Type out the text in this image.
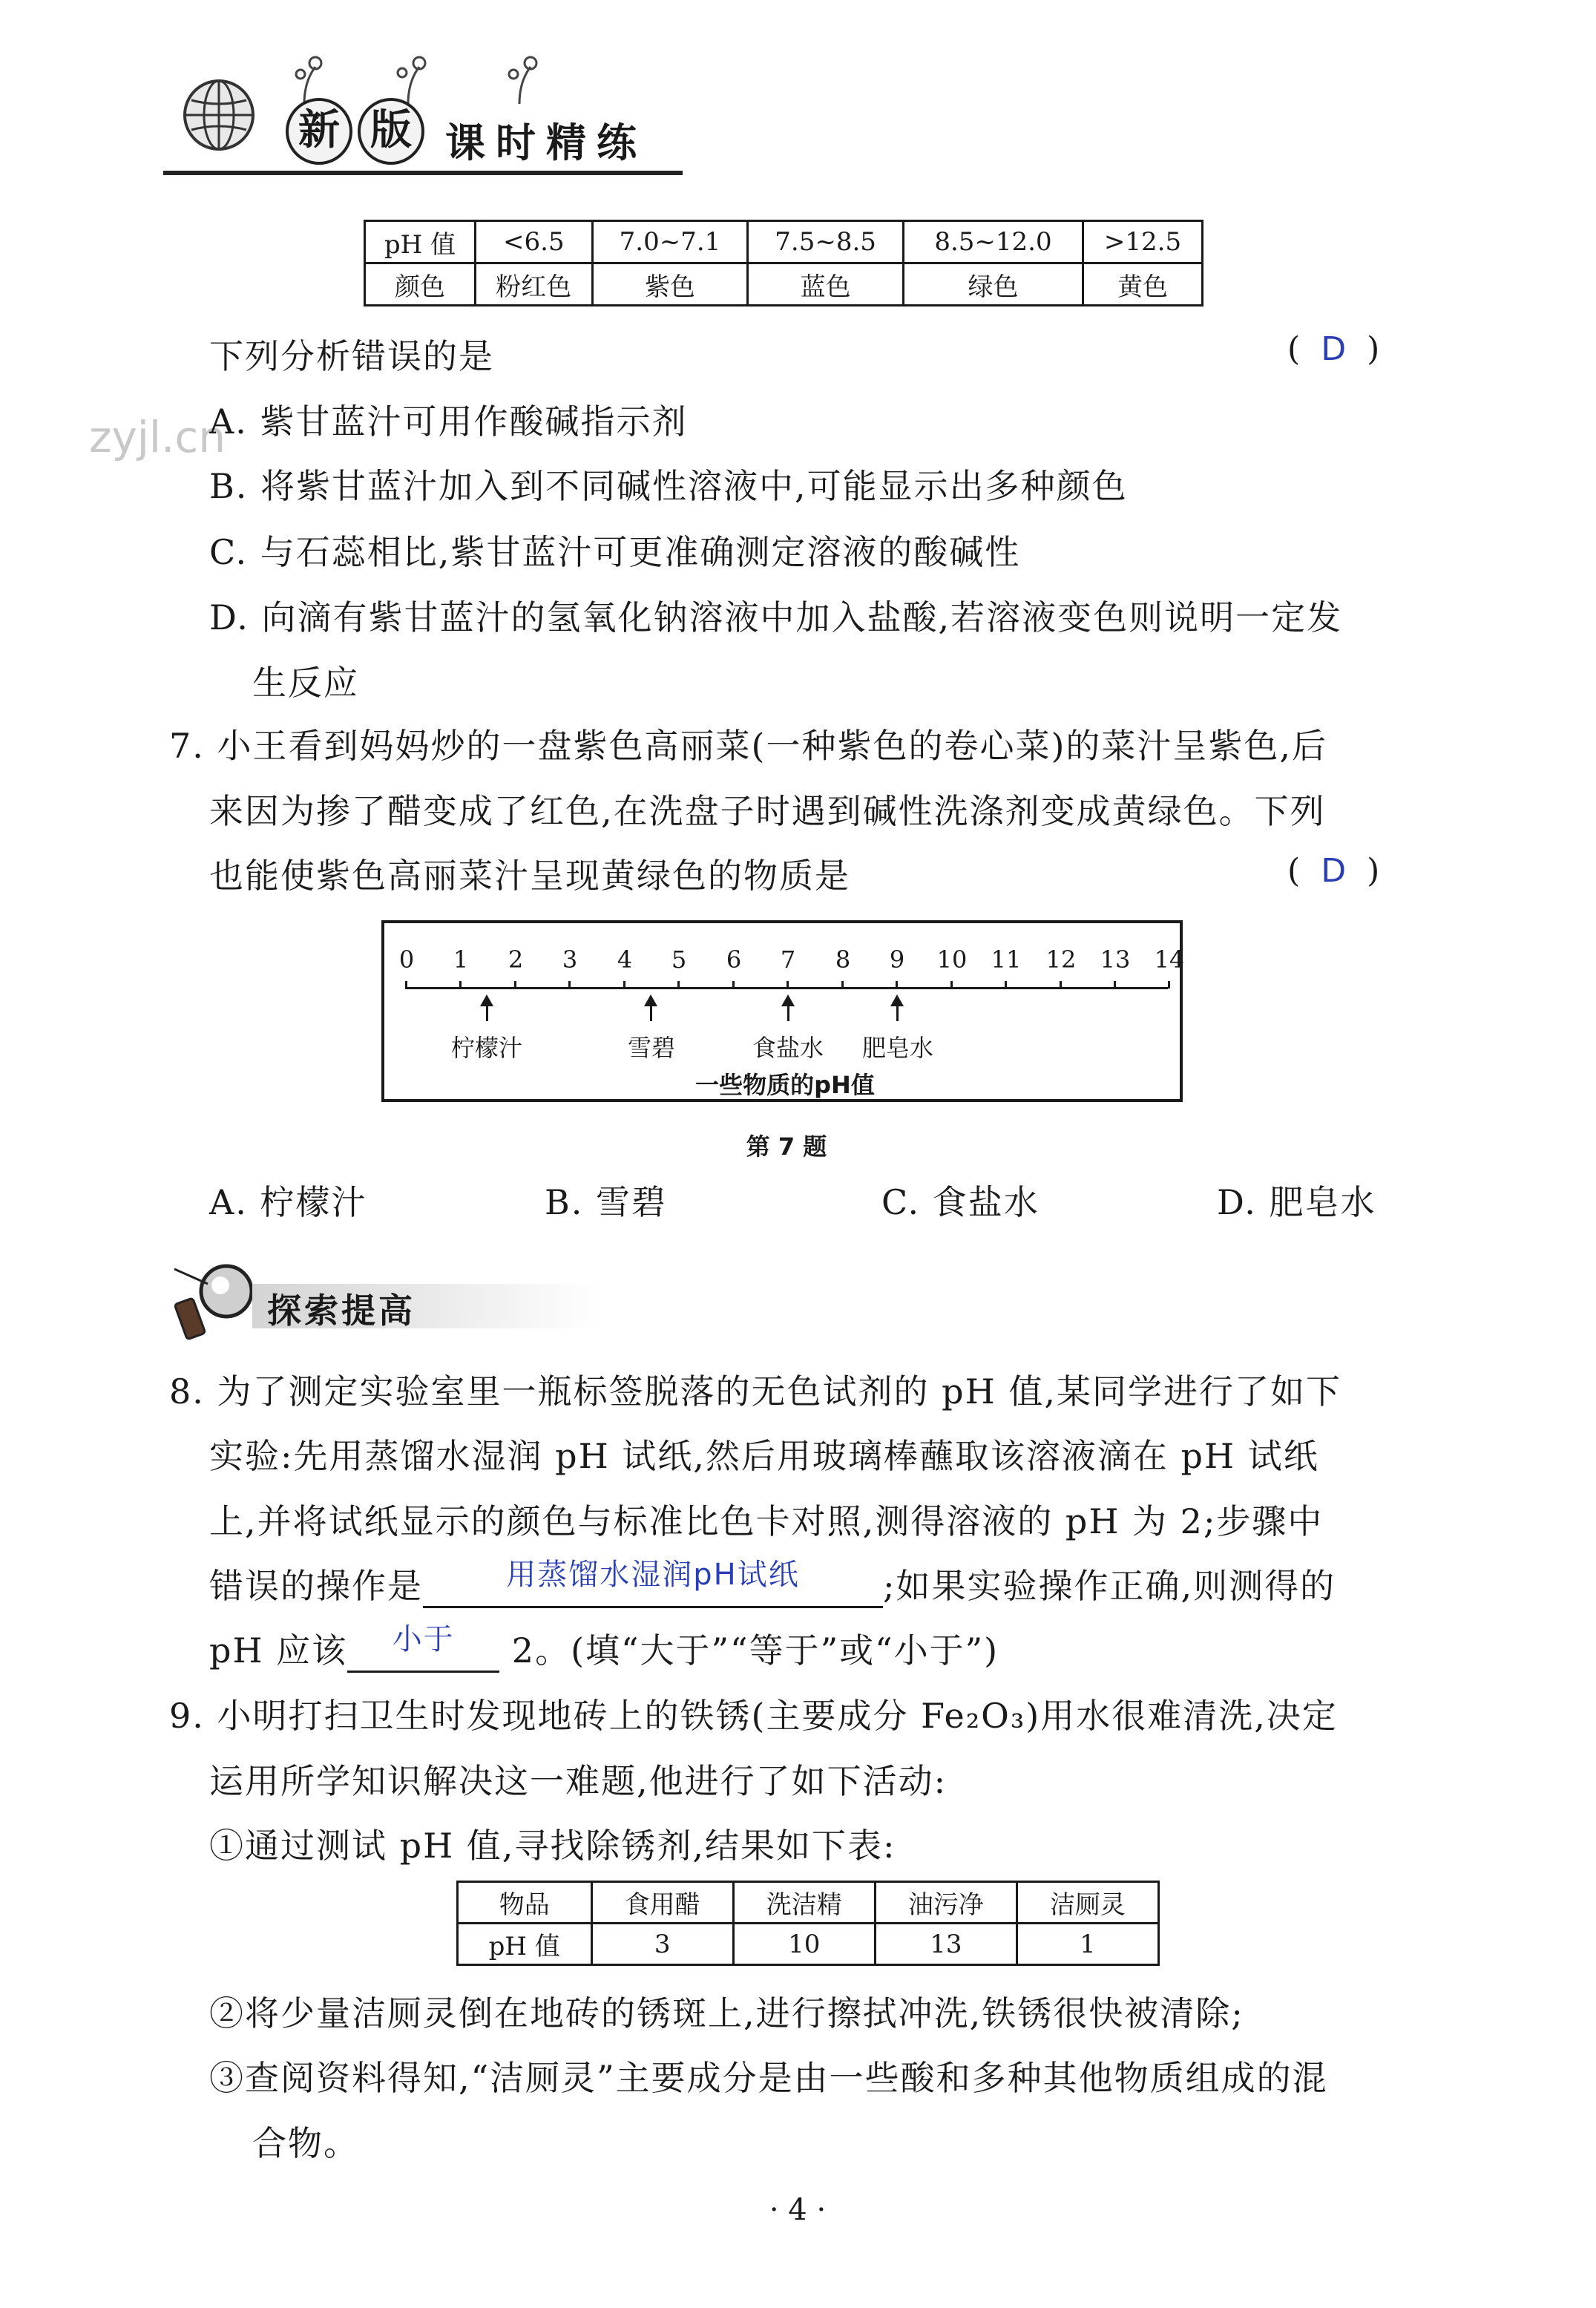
新 版 课时精练
pH 值	<6.5	7.0~7.1	7.5~8.5	8.5~12.0	>12.5
颜色	粉红色	紫色	蓝色	绿色	黄色
zyjl.cn
下列分析错误的是	( D )
A. 紫甘蓝汁可用作酸碱指示剂
B. 将紫甘蓝汁加入到不同碱性溶液中,可能显示出多种颜色
C. 与石蕊相比,紫甘蓝汁可更准确测定溶液的酸碱性
D. 向滴有紫甘蓝汁的氢氧化钠溶液中加入盐酸,若溶液变色则说明一定发
生反应
7. 小王看到妈妈炒的一盘紫色高丽菜(一种紫色的卷心菜)的菜汁呈紫色,后
来因为掺了醋变成了红色,在洗盘子时遇到碱性洗涤剂变成黄绿色。下列
也能使紫色高丽菜汁呈现黄绿色的物质是	( D )
0	1	2	3	4	5	6	7	8	9	10 11 12 13 14
柠檬汁	雪碧	食盐水	肥皂水
一些物质的pH值
第 7 题
A. 柠檬汁	B. 雪碧	C. 食盐水	D. 肥皂水
探索提高
8. 为了测定实验室里一瓶标签脱落的无色试剂的 pH 值,某同学进行了如下
实验:先用蒸馏水湿润 pH 试纸,然后用玻璃棒蘸取该溶液滴在 pH 试纸
上,并将试纸显示的颜色与标准比色卡对照,测得溶液的 pH 为 2;步骤中
错误的操作是	用蒸馏水湿润pH试纸	;如果实验操作正确,则测得的
pH 应该	小于	2。(填“大于”“等于”或“小于”)
9. 小明打扫卫生时发现地砖上的铁锈(主要成分 Fe₂O₃)用水很难清洗,决定
运用所学知识解决这一难题,他进行了如下活动:
①通过测试 pH 值,寻找除锈剂,结果如下表:
物品	食用醋	洗洁精	油污净	洁厕灵
pH 值	3	10	13	1
②将少量洁厕灵倒在地砖的锈斑上,进行擦拭冲洗,铁锈很快被清除;
③查阅资料得知,“洁厕灵”主要成分是由一些酸和多种其他物质组成的混
合物。
· 4 ·
